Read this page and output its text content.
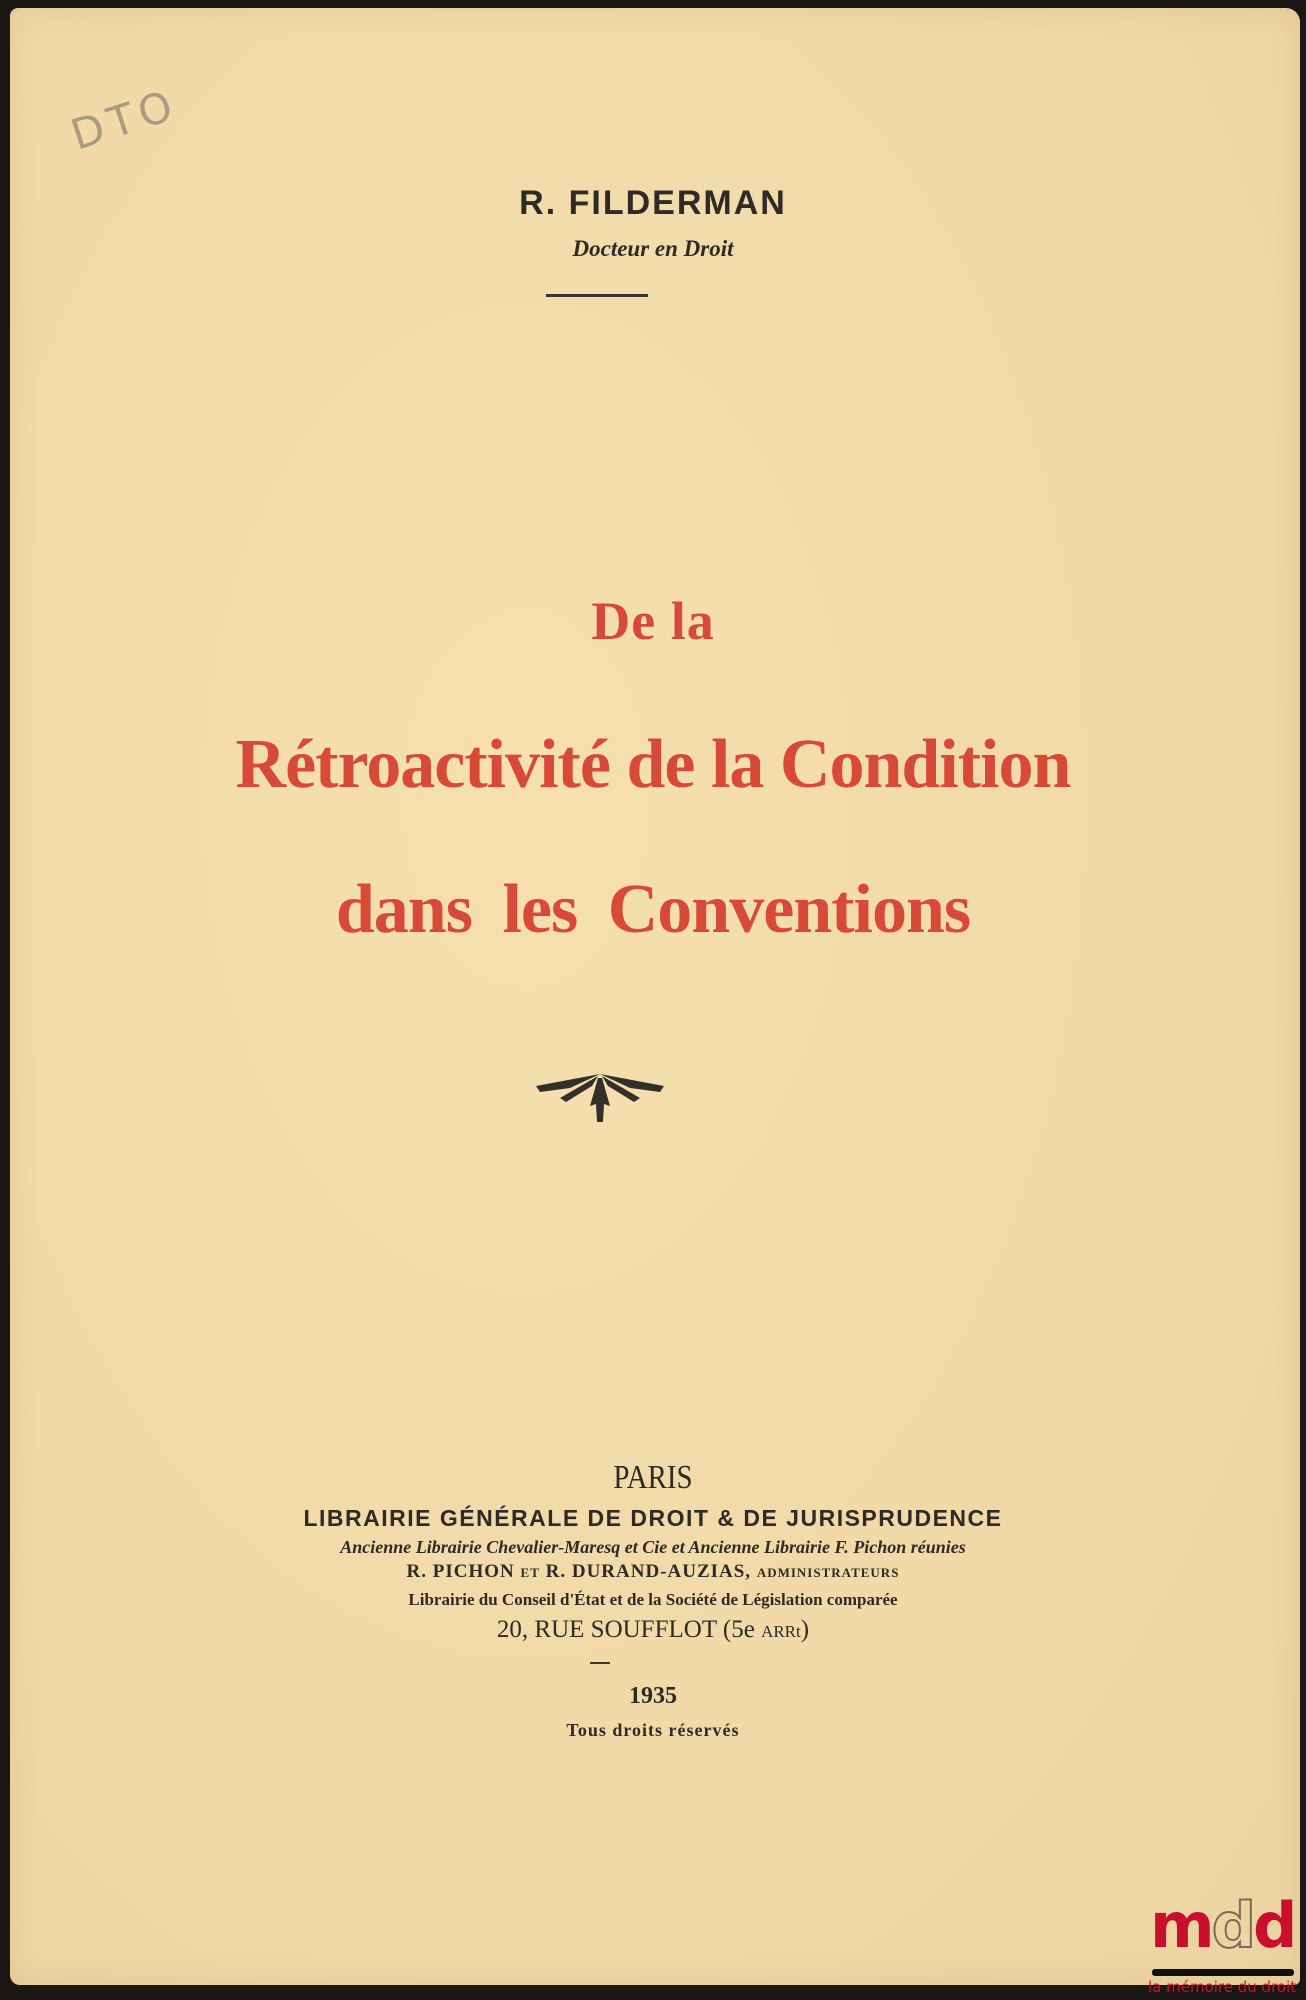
DTO
R. FILDERMAN
Docteur en Droit
De la
Rétroactivité de la Condition
dans les Conventions
PARIS
LIBRAIRIE GÉNÉRALE DE DROIT & DE JURISPRUDENCE
Ancienne Librairie Chevalier-Maresq et Cie et Ancienne Librairie F. Pichon réunies
R. PICHON ET R. DURAND-AUZIAS, ADMINISTRATEURS
Librairie du Conseil d'État et de la Société de Législation comparée
20, RUE SOUFFLOT (5e ARRt)
1935
Tous droits réservés
mdd
la mémoire du droit
